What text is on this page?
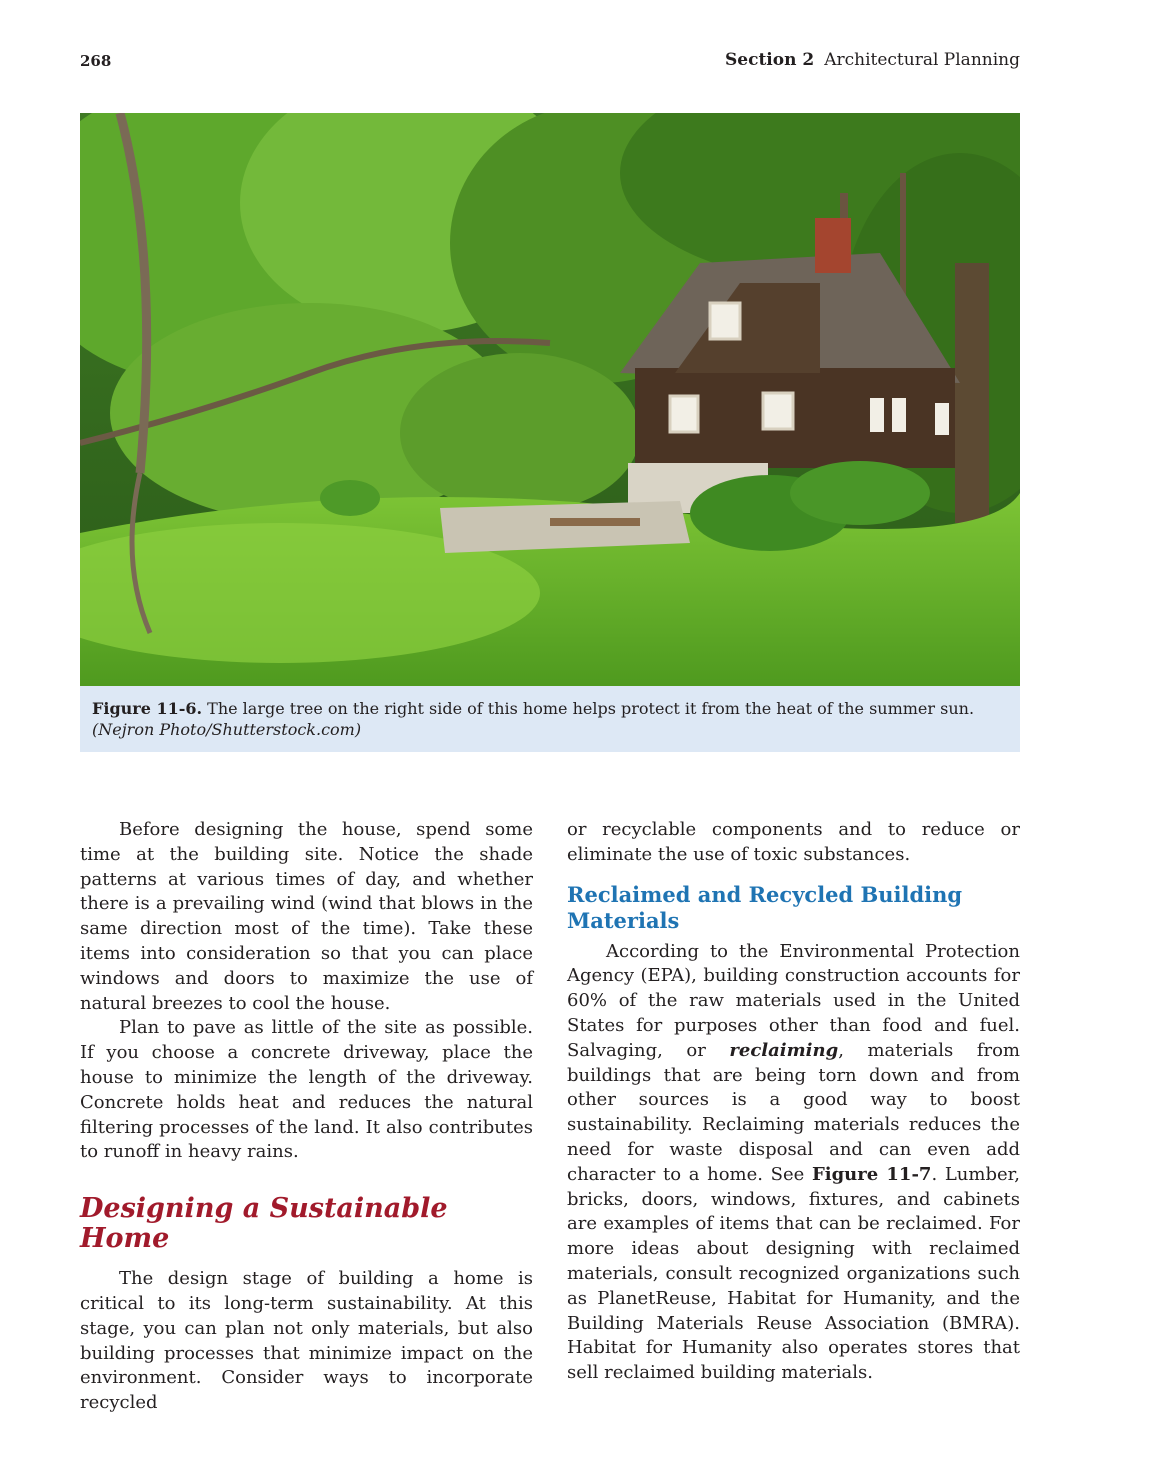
268	Section 2 Architectural Planning
Figure 11-6. The large tree on the right side of this home helps protect it from the heat of the summer sun.
(Nejron Photo/Shutterstock.com)

Before designing the house, spend some time at the building site. Notice the shade patterns at various times of day, and whether there is a prevailing wind (wind that blows in the same direction most of the time). Take these items into consideration so that you can place windows and doors to maximize the use of natural breezes to cool the house.

Plan to pave as little of the site as possible. If you choose a concrete driveway, place the house to minimize the length of the driveway. Concrete holds heat and reduces the natural filtering processes of the land. It also contributes to runoff in heavy rains.

Designing a Sustainable Home

The design stage of building a home is critical to its long-term sustainability. At this stage, you can plan not only materials, but also building processes that minimize impact on the environment. Consider ways to incorporate recycled

or recyclable components and to reduce or eliminate the use of toxic substances.

Reclaimed and Recycled Building Materials

According to the Environmental Protection Agency (EPA), building construction accounts for 60% of the raw materials used in the United States for purposes other than food and fuel. Salvaging, or reclaiming, materials from buildings that are being torn down and from other sources is a good way to boost sustainability. Reclaiming materials reduces the need for waste disposal and can even add character to a home. See Figure 11-7. Lumber, bricks, doors, windows, fixtures, and cabinets are examples of items that can be reclaimed. For more ideas about designing with reclaimed materials, consult recognized organizations such as PlanetReuse, Habitat for Humanity, and the Building Materials Reuse Association (BMRA). Habitat for Humanity also operates stores that sell reclaimed building materials.
